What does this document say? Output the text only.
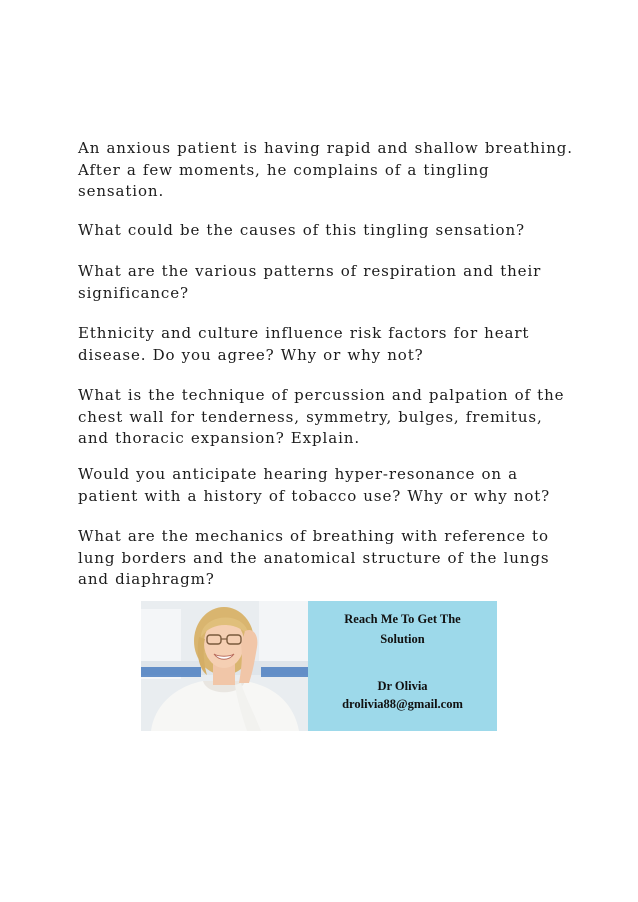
An anxious patient is having rapid and shallow breathing. After a few moments, he complains of a tingling sensation.

What could be the causes of this tingling sensation?

What are the various patterns of respiration and their significance?

Ethnicity and culture influence risk factors for heart disease. Do you agree? Why or why not?

What is the technique of percussion and palpation of the chest wall for tenderness, symmetry, bulges, fremitus, and thoracic expansion? Explain.

Would you anticipate hearing hyper-resonance on a patient with a history of tobacco use? Why or why not?

What are the mechanics of breathing with reference to lung borders and the anatomical structure of the lungs and diaphragm?

Reach Me To Get The
Solution
Dr Olivia
drolivia88@gmail.com
